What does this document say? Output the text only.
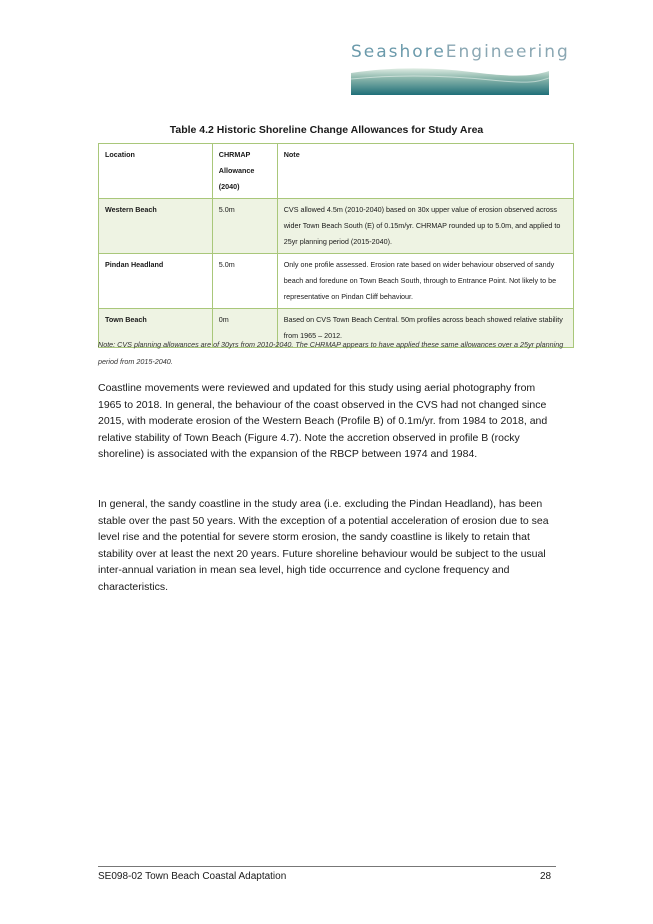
SeashoreEngineering
Table 4.2 Historic Shoreline Change Allowances for Study Area
Location	CHRMAP Allowance (2040)	Note
Western Beach	5.0m	CVS allowed 4.5m (2010-2040) based on 30x upper value of erosion observed across wider Town Beach South (E) of 0.15m/yr. CHRMAP rounded up to 5.0m, and applied to 25yr planning period (2015-2040).
Pindan Headland	5.0m	Only one profile assessed. Erosion rate based on wider behaviour observed of sandy beach and foredune on Town Beach South, through to Entrance Point. Not likely to be representative on Pindan Cliff behaviour.
Town Beach	0m	Based on CVS Town Beach Central. 50m profiles across beach showed relative stability from 1965 – 2012.
Note: CVS planning allowances are of 30yrs from 2010-2040. The CHRMAP appears to have applied these same allowances over a 25yr planning period from 2015-2040.

Coastline movements were reviewed and updated for this study using aerial photography from 1965 to 2018. In general, the behaviour of the coast observed in the CVS had not changed since 2015, with moderate erosion of the Western Beach (Profile B) of 0.1m/yr. from 1984 to 2018, and relative stability of Town Beach (Figure 4.7). Note the accretion observed in profile B (rocky shoreline) is associated with the expansion of the RBCP between 1974 and 1984.

In general, the sandy coastline in the study area (i.e. excluding the Pindan Headland), has been stable over the past 50 years. With the exception of a potential acceleration of erosion due to sea level rise and the potential for severe storm erosion, the sandy coastline is likely to retain that stability over at least the next 20 years. Future shoreline behaviour would be subject to the usual inter-annual variation in mean sea level, high tide occurrence and cyclone frequency and characteristics.

SE098-02 Town Beach Coastal Adaptation	28
